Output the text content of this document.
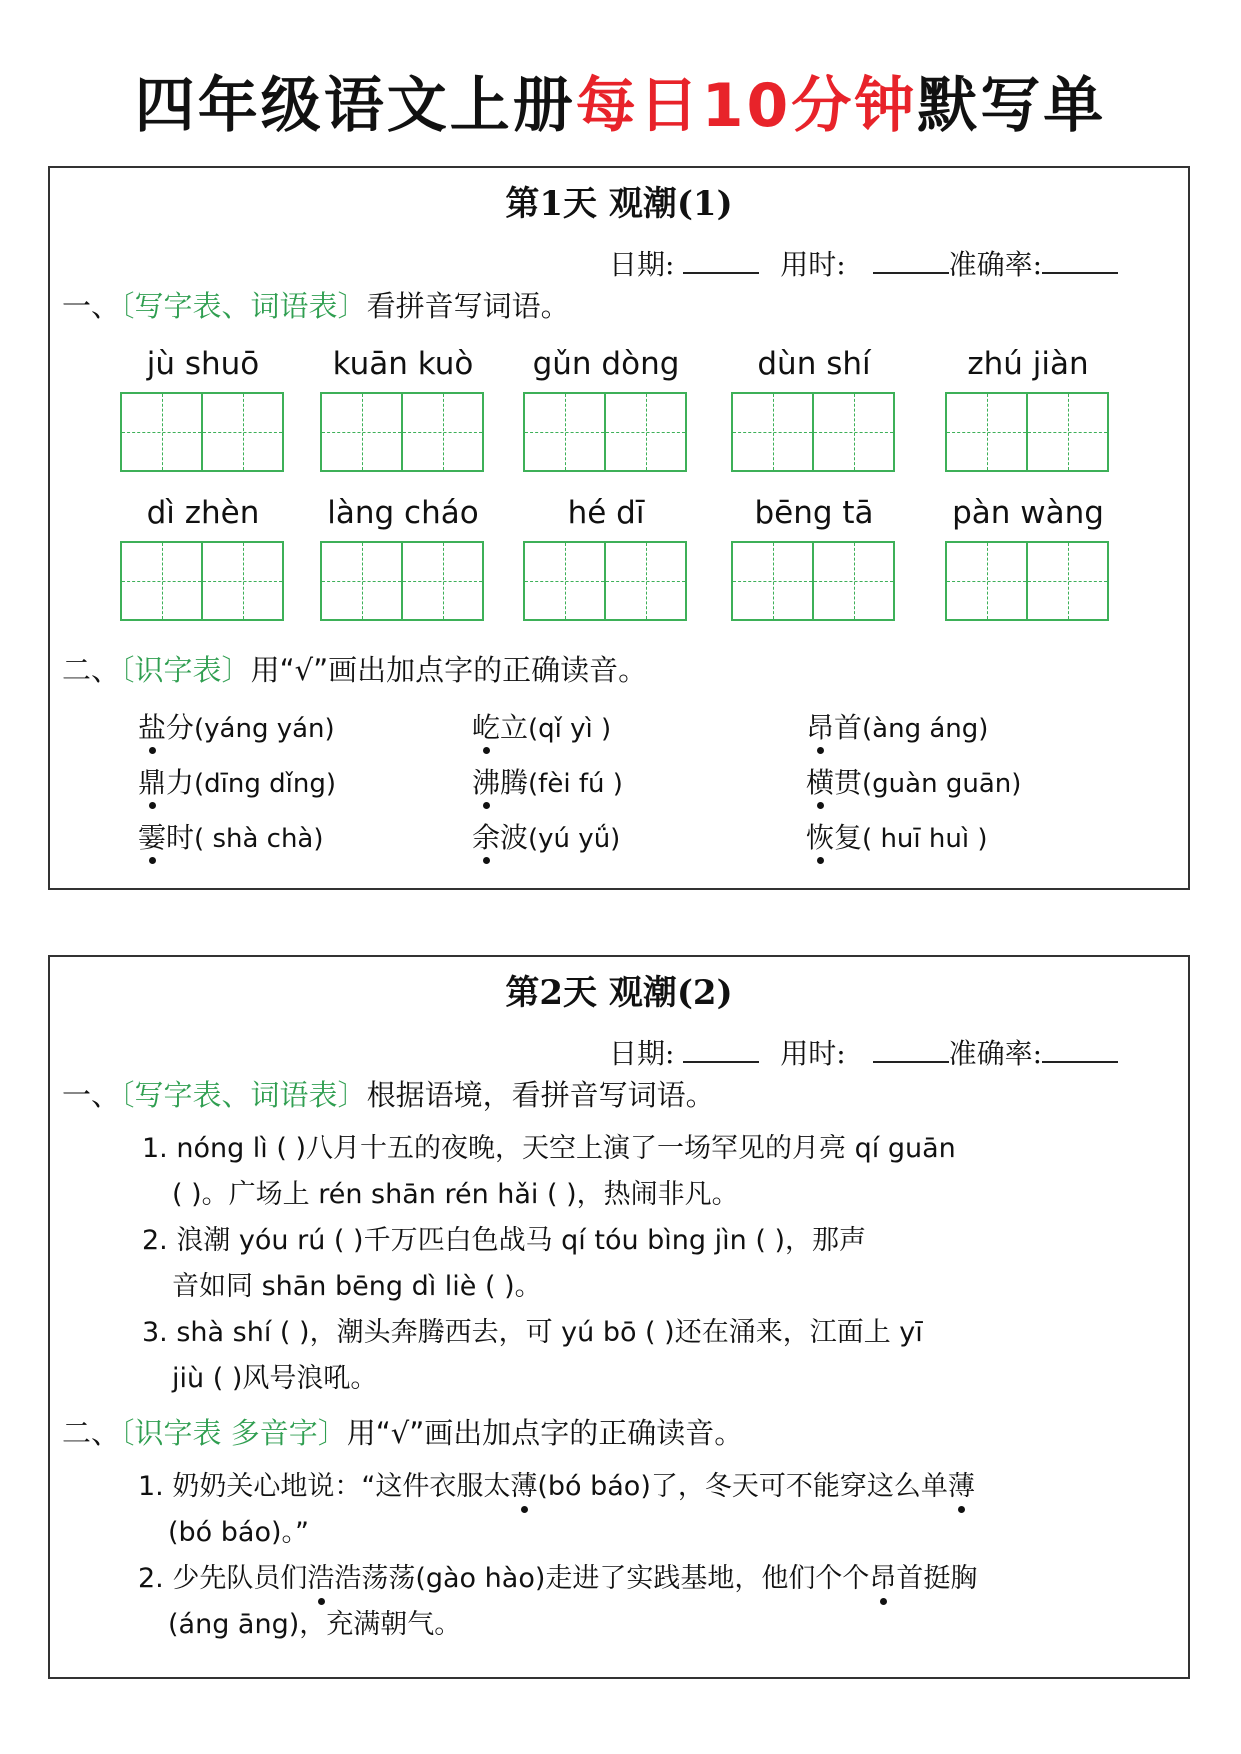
四年级语文上册每日10分钟默写单
第1天 观潮(1)
日期:	用时:	准确率:
一、〔写字表、词语表〕看拼音写词语。
jù shuō	kuān kuò	gǔn dòng	dùn shí	zhú jiàn
dì zhèn	làng cháo	hé dī	bēng tā	pàn wàng
二、〔识字表〕用“√”画出加点字的正确读音。
盐分(yáng yán)	屹立(qǐ yì )	昂首(àng áng)
鼎力(dīng dǐng)	沸腾(fèi fú )	横贯(guàn guān)
霎时( shà chà)	余波(yú yǘ)	恢复( huī huì )
第2天 观潮(2)
日期:	用时:	准确率:
一、〔写字表、词语表〕根据语境，看拼音写词语。
1. nóng lì ( )八月十五的夜晚，天空上演了一场罕见的月亮 qí guān
( )。广场上 rén shān rén hǎi ( )，热闹非凡。
2. 浪潮 yóu rú ( )千万匹白色战马 qí tóu bìng jìn ( )，那声
音如同 shān bēng dì liè ( )。
3. shà shí ( )，潮头奔腾西去，可 yú bō ( )还在涌来，江面上 yī
jiù ( )风号浪吼。
二、〔识字表 多音字〕用“√”画出加点字的正确读音。
1. 奶奶关心地说：“这件衣服太薄(bó báo)了，冬天可不能穿这么单薄
(bó báo)。”
2. 少先队员们浩浩荡荡(gào hào)走进了实践基地，他们个个昂首挺胸
(áng āng)，充满朝气。
